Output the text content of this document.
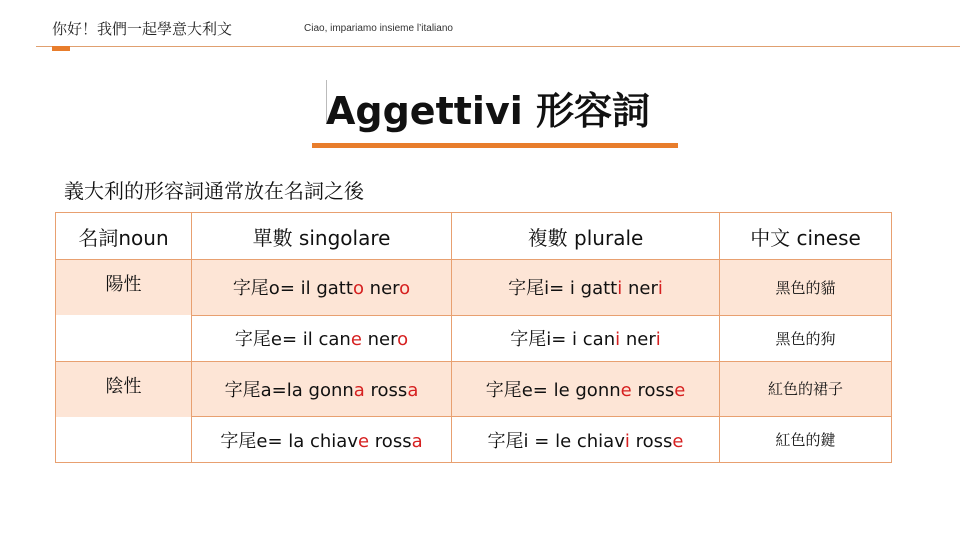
你好！我們一起學意大利文	Ciao, impariamo insieme l’italiano
Aggettivi 形容詞
義大利的形容詞通常放在名詞之後
名詞noun	單數 singolare	複數 plurale	中文 cinese
陽性	字尾o= il gatto nero	字尾i= i gatti neri	黑色的貓
	字尾e= il cane nero	字尾i= i cani neri	黑色的狗
陰性	字尾a=la gonna rossa	字尾e= le gonne rosse	紅色的裙子
	字尾e= la chiave rossa	字尾i = le chiavi rosse	紅色的鍵
